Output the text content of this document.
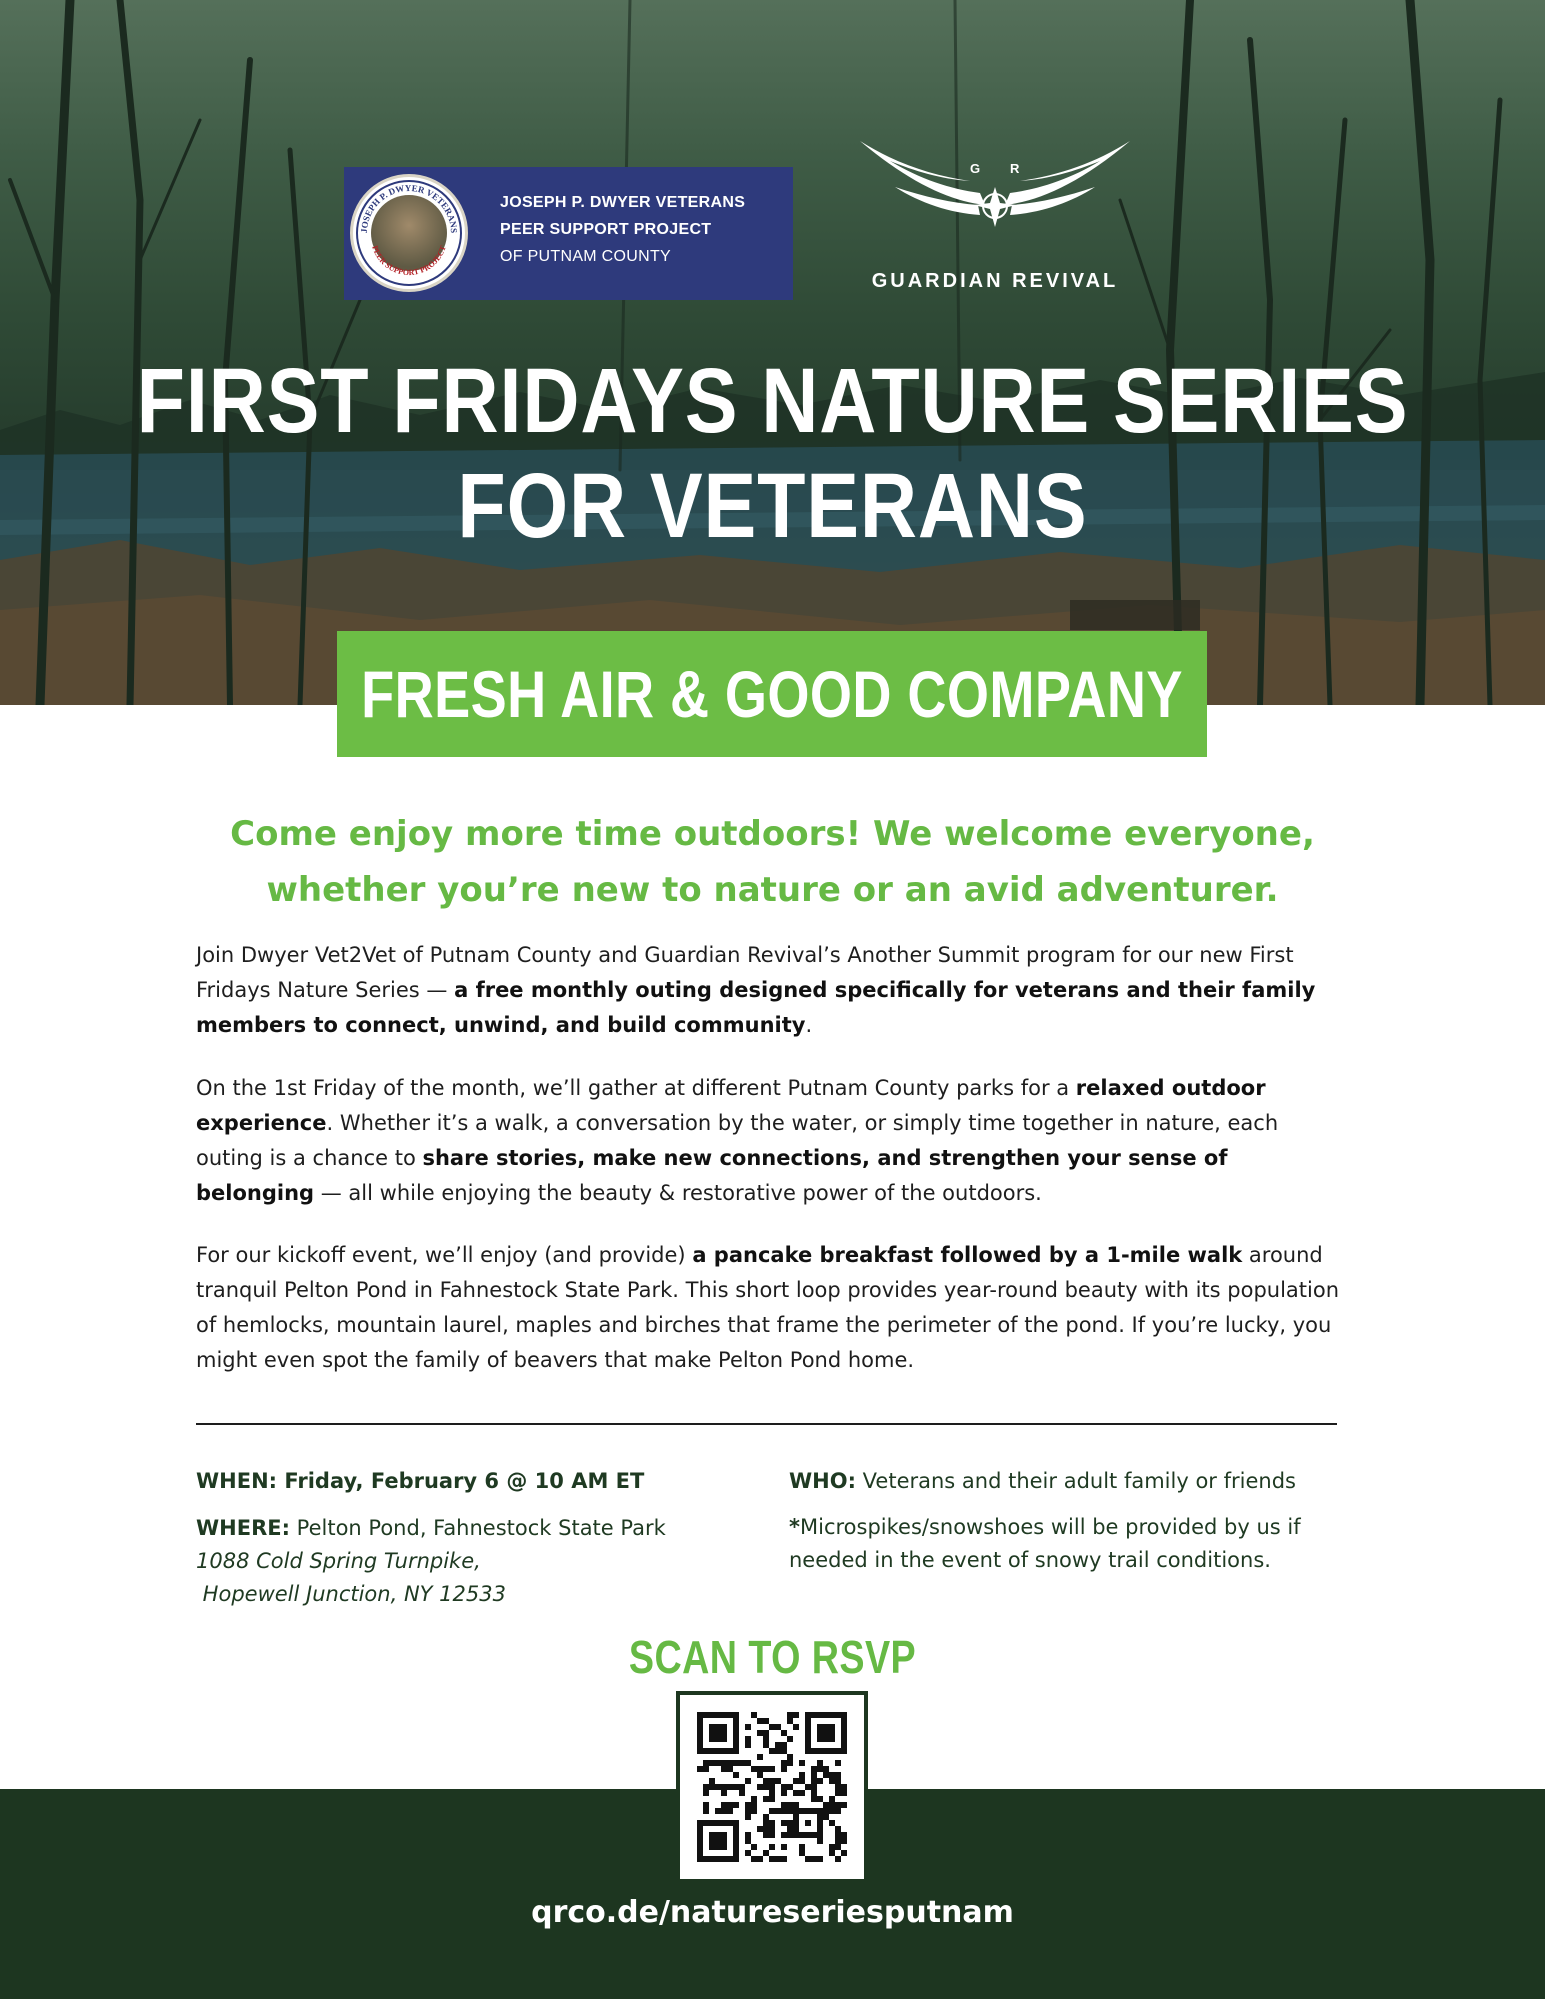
JOSEPH P. DWYER VETERANS
PEER SUPPORT PROJECT
JOSEPH P. DWYER VETERANS
PEER SUPPORT PROJECT
OF PUTNAM COUNTY
G R
GUARDIAN REVIVAL
FIRST FRIDAYS NATURE SERIES
FOR VETERANS
FRESH AIR & GOOD COMPANY
Come enjoy more time outdoors! We welcome everyone,
whether you’re new to nature or an avid adventurer.
Join Dwyer Vet2Vet of Putnam County and Guardian Revival’s Another Summit program for our new First Fridays Nature Series — a free monthly outing designed specifically for veterans and their family members to connect, unwind, and build community.
On the 1st Friday of the month, we’ll gather at different Putnam County parks for a relaxed outdoor experience. Whether it’s a walk, a conversation by the water, or simply time together in nature, each outing is a chance to share stories, make new connections, and strengthen your sense of belonging — all while enjoying the beauty & restorative power of the outdoors.
For our kickoff event, we’ll enjoy (and provide) a pancake breakfast followed by a 1-mile walk around tranquil Pelton Pond in Fahnestock State Park. This short loop provides year-round beauty with its population of hemlocks, mountain laurel, maples and birches that frame the perimeter of the pond. If you’re lucky, you might even spot the family of beavers that make Pelton Pond home.
WHEN: Friday, February 6 @ 10 AM ET
WHERE: Pelton Pond, Fahnestock State Park
1088 Cold Spring Turnpike,
Hopewell Junction, NY 12533
WHO: Veterans and their adult family or friends
*Microspikes/snowshoes will be provided by us if needed in the event of snowy trail conditions.
SCAN TO RSVP
qrco.de/natureseriesputnam
